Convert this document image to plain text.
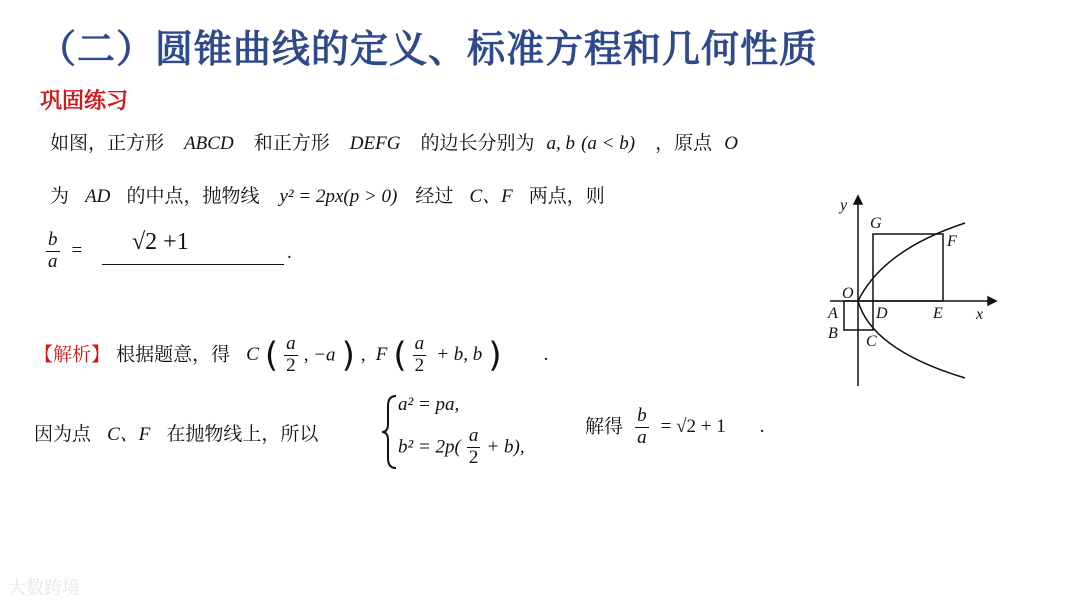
（二）圆锥曲线的定义、标准方程和几何性质
巩固练习
如图，正方形 ABCD 和正方形 DEFG 的边长分别为 a, b (a < b) ，原点 O
为 AD 的中点，抛物线 y² = 2px(p > 0) 经过 C、F 两点，则
$\frac{b}{a} = √2 +1$	.
【解析】 根据题意，得 C ( $\frac{a}{2}$ , −a ) , F ( $\frac{a}{2} + b$, b ) .
因为点 C、F 在抛物线上，所以
a² = pa,
$b^2 = 2p( \frac{a}{2} + b)$,
解得 $\frac{b}{a} = √2 + 1$ .
y
x
O
G
F
A
B C
D	E
大数跨境
